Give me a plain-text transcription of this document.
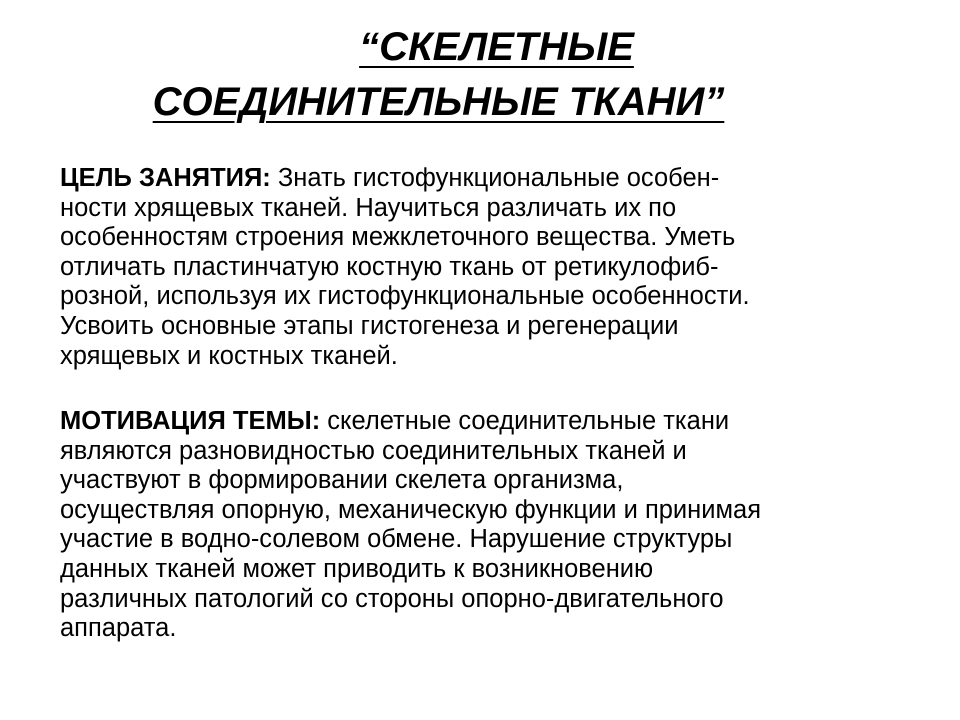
“СКЕЛЕТНЫЕ
СОЕДИНИТЕЛЬНЫЕ ТКАНИ”
ЦЕЛЬ ЗАНЯТИЯ: Знать гистофункциональные особен-
ности хрящевых тканей. Научиться различать их по
особенностям строения межклеточного вещества. Уметь
отличать пластинчатую костную ткань от ретикулофиб-
розной, используя их гистофункциональные особенности.
Усвоить основные этапы гистогенеза и регенерации
хрящевых и костных тканей.
МОТИВАЦИЯ ТЕМЫ: скелетные соединительные ткани
являются разновидностью соединительных тканей и
участвуют в формировании скелета организма,
осуществляя опорную, механическую функции и принимая
участие в водно-солевом обмене. Нарушение структуры
данных тканей может приводить к возникновению
различных патологий со стороны опорно-двигательного
аппарата.
